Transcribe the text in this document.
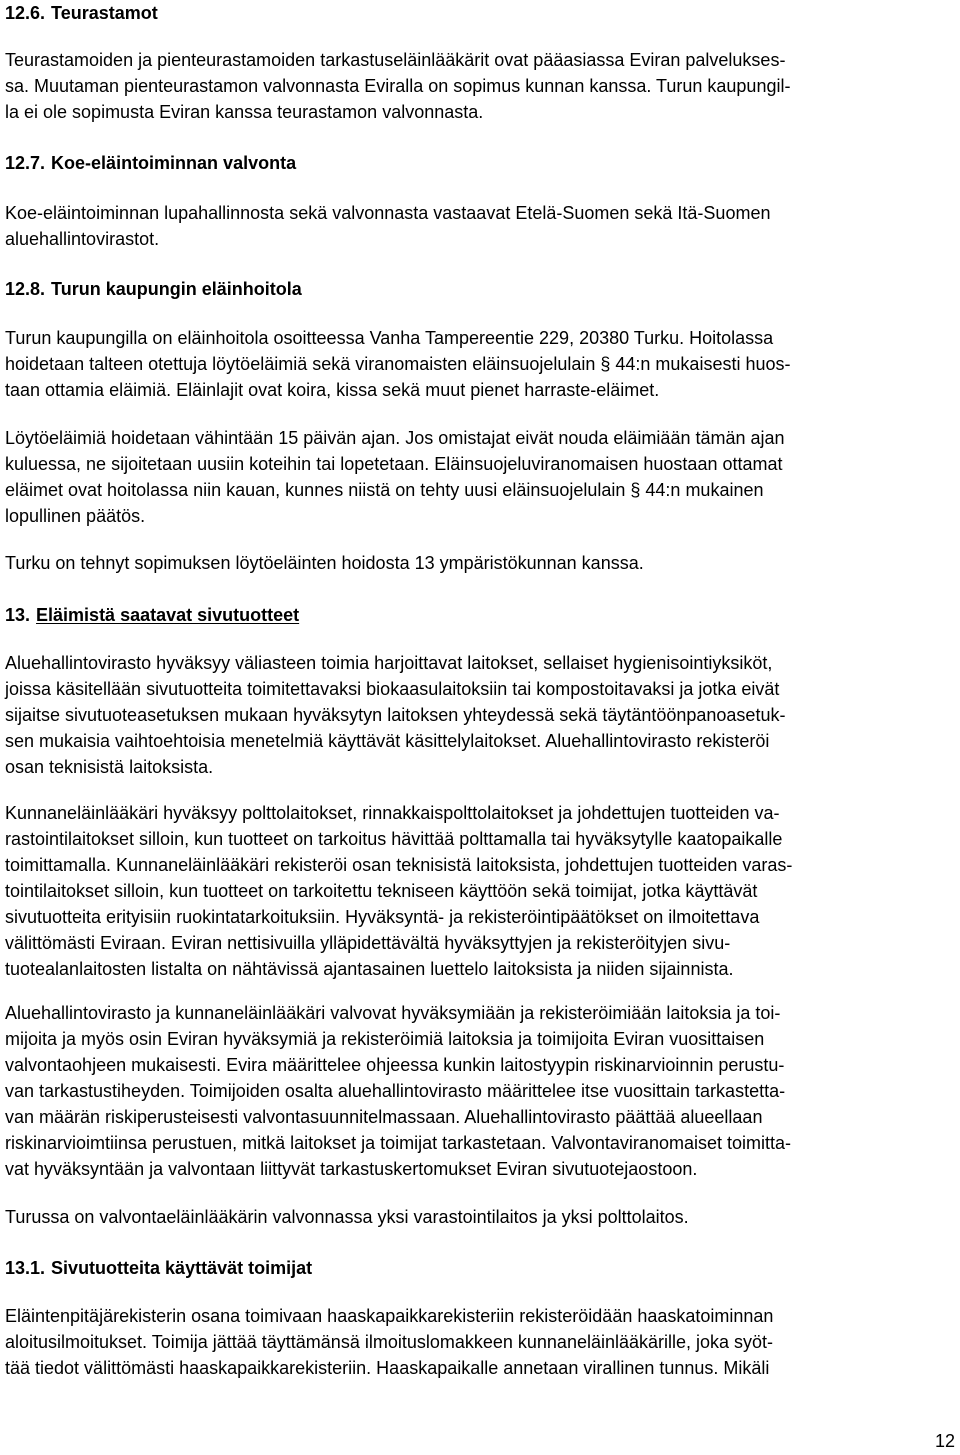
12.6. Teurastamot

Teurastamoiden ja pienteurastamoiden tarkastuseläinlääkärit ovat pääasiassa Eviran palvelukses-
sa. Muutaman pienteurastamon valvonnasta Eviralla on sopimus kunnan kanssa. Turun kaupungil-
la ei ole sopimusta Eviran kanssa teurastamon valvonnasta.

12.7. Koe-eläintoiminnan valvonta

Koe-eläintoiminnan lupahallinnosta sekä valvonnasta vastaavat Etelä-Suomen sekä Itä-Suomen
aluehallintovirastot.

12.8. Turun kaupungin eläinhoitola

Turun kaupungilla on eläinhoitola osoitteessa Vanha Tampereentie 229, 20380 Turku. Hoitolassa
hoidetaan talteen otettuja löytöeläimiä sekä viranomaisten eläinsuojelulain § 44:n mukaisesti huos-
taan ottamia eläimiä. Eläinlajit ovat koira, kissa sekä muut pienet harraste-eläimet.

Löytöeläimiä hoidetaan vähintään 15 päivän ajan. Jos omistajat eivät nouda eläimiään tämän ajan
kuluessa, ne sijoitetaan uusiin koteihin tai lopetetaan. Eläinsuojeluviranomaisen huostaan ottamat
eläimet ovat hoitolassa niin kauan, kunnes niistä on tehty uusi eläinsuojelulain § 44:n mukainen
lopullinen päätös.

Turku on tehnyt sopimuksen löytöeläinten hoidosta 13 ympäristökunnan kanssa.

13. Eläimistä saatavat sivutuotteet

Aluehallintovirasto hyväksyy väliasteen toimia harjoittavat laitokset, sellaiset hygienisointiyksiköt,
joissa käsitellään sivutuotteita toimitettavaksi biokaasulaitoksiin tai kompostoitavaksi ja jotka eivät
sijaitse sivutuoteasetuksen mukaan hyväksytyn laitoksen yhteydessä sekä täytäntöönpanoasetuk-
sen mukaisia vaihtoehtoisia menetelmiä käyttävät käsittelylaitokset. Aluehallintovirasto rekisteröi
osan teknisistä laitoksista.

Kunnaneläinlääkäri hyväksyy polttolaitokset, rinnakkaispolttolaitokset ja johdettujen tuotteiden va-
rastointilaitokset silloin, kun tuotteet on tarkoitus hävittää polttamalla tai hyväksytylle kaatopaikalle
toimittamalla. Kunnaneläinlääkäri rekisteröi osan teknisistä laitoksista, johdettujen tuotteiden varas-
tointilaitokset silloin, kun tuotteet on tarkoitettu tekniseen käyttöön sekä toimijat, jotka käyttävät
sivutuotteita erityisiin ruokintatarkoituksiin. Hyväksyntä- ja rekisteröintipäätökset on ilmoitettava
välittömästi Eviraan. Eviran nettisivuilla ylläpidettävältä hyväksyttyjen ja rekisteröityjen sivu-
tuotealanlaitosten listalta on nähtävissä ajantasainen luettelo laitoksista ja niiden sijainnista.

Aluehallintovirasto ja kunnaneläinlääkäri valvovat hyväksymiään ja rekisteröimiään laitoksia ja toi-
mijoita ja myös osin Eviran hyväksymiä ja rekisteröimiä laitoksia ja toimijoita Eviran vuosittaisen
valvontaohjeen mukaisesti. Evira määrittelee ohjeessa kunkin laitostyypin riskinarvioinnin perustu-
van tarkastustiheyden. Toimijoiden osalta aluehallintovirasto määrittelee itse vuosittain tarkastetta-
van määrän riskiperusteisesti valvontasuunnitelmassaan. Aluehallintovirasto päättää alueellaan
riskinarvioimtiinsa perustuen, mitkä laitokset ja toimijat tarkastetaan. Valvontaviranomaiset toimitta-
vat hyväksyntään ja valvontaan liittyvät tarkastuskertomukset Eviran sivutuotejaostoon.

Turussa on valvontaeläinlääkärin valvonnassa yksi varastointilaitos ja yksi polttolaitos.

13.1. Sivutuotteita käyttävät toimijat

Eläintenpitäjärekisterin osana toimivaan haaskapaikkarekisteriin rekisteröidään haaskatoiminnan
aloitusilmoitukset. Toimija jättää täyttämänsä ilmoituslomakkeen kunnaneläinlääkärille, joka syöt-
tää tiedot välittömästi haaskapaikkarekisteriin. Haaskapaikalle annetaan virallinen tunnus. Mikäli

12
